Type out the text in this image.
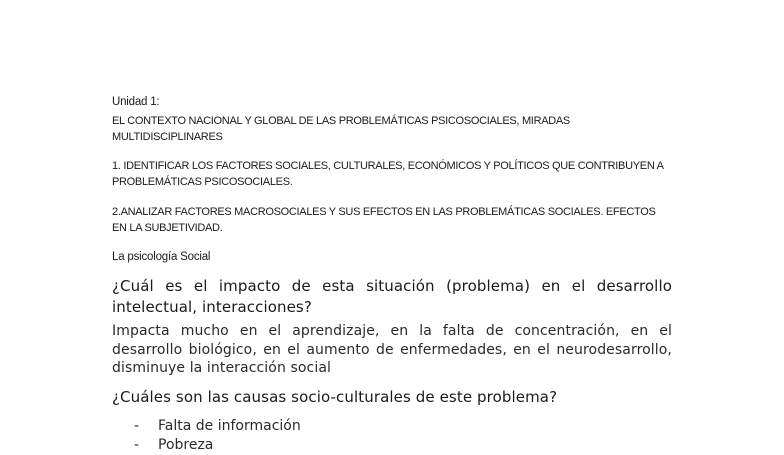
Unidad 1:
EL CONTEXTO NACIONAL Y GLOBAL DE LAS PROBLEMÁTICAS PSICOSOCIALES, MIRADAS MULTIDISCIPLINARES
1. IDENTIFICAR LOS FACTORES SOCIALES, CULTURALES, ECONÓMICOS Y POLÍTICOS QUE CONTRIBUYEN A PROBLEMÁTICAS PSICOSOCIALES.
2.ANALIZAR FACTORES MACROSOCIALES Y SUS EFECTOS EN LAS PROBLEMÁTICAS SOCIALES. EFECTOS EN LA SUBJETIVIDAD.
La psicología Social
¿Cuál es el impacto de esta situación (problema) en el desarrollo intelectual, interacciones?
Impacta mucho en el aprendizaje, en la falta de concentración, en el desarrollo biológico, en el aumento de enfermedades, en el neurodesarrollo, disminuye la interacción social
¿Cuáles son las causas socio-culturales de este problema?
- Falta de información
- Pobreza
